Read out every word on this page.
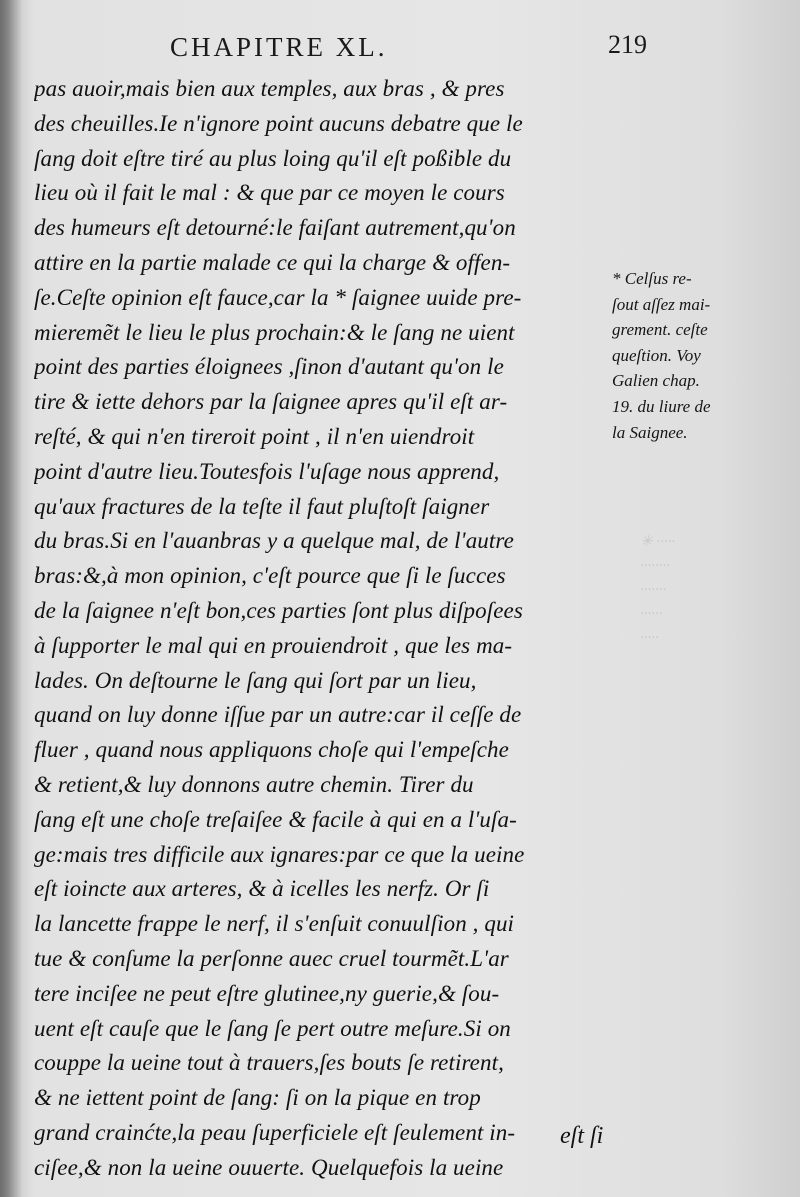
✳ ·····
········
·······
······
·····
CHAPITRE XL.	219
pas auoir,mais bien aux temples, aux bras , & pres
des cheuilles.Ie n'ignore point aucuns debatre que le
ſang doit eſtre tiré au plus loing qu'il eſt poßible du
lieu où il fait le mal : & que par ce moyen le cours
des humeurs eſt detourné:le faiſant autrement,qu'on
attire en la partie malade ce qui la charge & offen-
ſe.Ceſte opinion eſt fauce,car la * ſaignee uuide pre-
mieremẽt le lieu le plus prochain:& le ſang ne uient
point des parties éloignees ,ſinon d'autant qu'on le
tire & iette dehors par la ſaignee apres qu'il eſt ar-
reſté, & qui n'en tireroit point , il n'en uiendroit
point d'autre lieu.Toutesfois l'uſage nous apprend,
qu'aux fractures de la teſte il faut pluſtoſt ſaigner
du bras.Si en l'auanbras y a quelque mal, de l'autre
bras:&,à mon opinion, c'eſt pource que ſi le ſucces
de la ſaignee n'eſt bon,ces parties ſont plus diſpoſees
à ſupporter le mal qui en prouiendroit , que les ma-
lades. On deſtourne le ſang qui ſort par un lieu,
quand on luy donne iſſue par un autre:car il ceſſe de
fluer , quand nous appliquons choſe qui l'empeſche
& retient,& luy donnons autre chemin. Tirer du
ſang eſt une choſe treſaiſee & facile à qui en a l'uſa-
ge:mais tres difficile aux ignares:par ce que la ueine
eſt ioincte aux arteres, & à icelles les nerfz. Or ſi
la lancette frappe le nerf, il s'enſuit conuulſion , qui
tue & conſume la perſonne auec cruel tourmẽt.L'ar
tere inciſee ne peut eſtre glutinee,ny guerie,& ſou-
uent eſt cauſe que le ſang ſe pert outre meſure.Si on
couppe la ueine tout à trauers,ſes bouts ſe retirent,
& ne iettent point de ſang: ſi on la pique en trop
grand crainćte,la peau ſuperficiele eſt ſeulement in-
ciſee,& non la ueine ouuerte. Quelquefois la ueine
eſt ſi
* Celſus re-
ſout aſſez mai-
grement. ceſte
queſtion. Voy
Galien chap.
19. du liure de
la Saignee.
